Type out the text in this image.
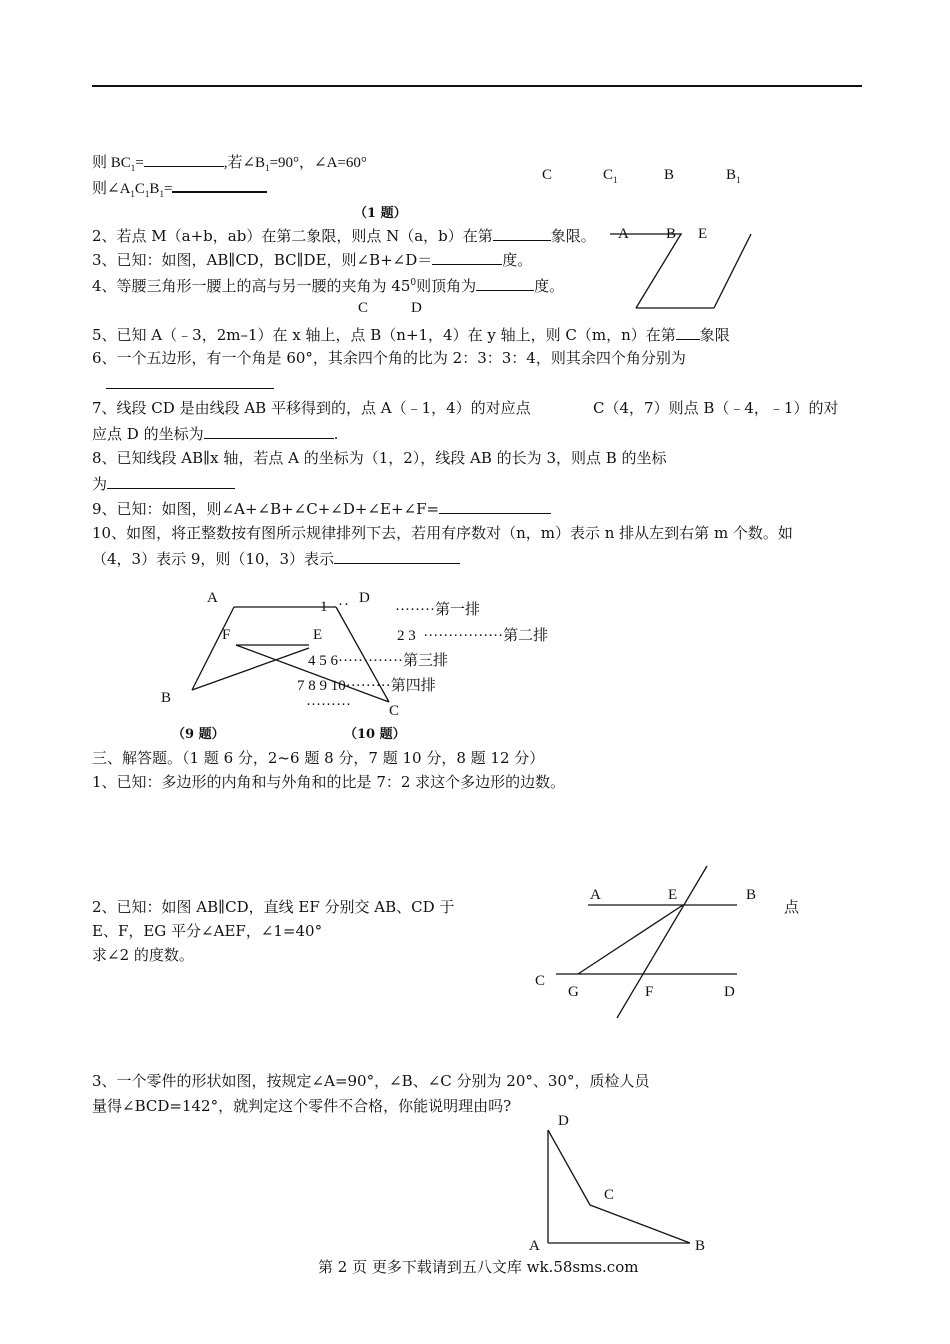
则 $BC_1=$	,若$\angle B_1=90^\circ$，∠A=60°
则$\angle A_1C_1B_1=$
C	$C_1$	B	$B_1$
（1 题）
2、若点 M（a+b，ab）在第二象限，则点 N（a，b）在第	象限。
3、已知：如图，AB∥CD，BC∥DE，则∠B+∠D＝	度。
4、等腰三角形一腰上的高与另一腰的夹角为 $45^0$则顶角为	度。
A B E
C	D
5、已知 A（﹣3，2m–1）在 x 轴上，点 B（n+1，4）在 y 轴上，则 C（m，n）在第 象限
6、一个五边形，有一个角是 60°，其余四个角的比为 2：3：3：4，则其余四个角分别为
7、线段 CD 是由线段 AB 平移得到的，点 A（﹣1，4）的对应点	C（4，7）则点 B（﹣4，﹣1）的对
应点 D 的坐标为	.
8、已知线段 AB∥x 轴，若点 A 的坐标为（1，2），线段 AB 的长为 3，则点 B 的坐标
为
9、已知：如图，则∠A+∠B+∠C+∠D+∠E+∠F=
10、如图，将正整数按有图所示规律排列下去，若用有序数对（n，m）表示 n 排从左到右第 m 个数。如
（4，3）表示 9，则（10，3）表示
A	D
F	E
B
C
（9 题）
1 ··	········第一排
2 3  ················第二排
4 5 6·············第三排
7 8 9 10·········第四排
·········
（10 题）
三、解答题。（1 题 6 分，2~6 题 8 分，7 题 10 分，8 题 12 分）
1、已知：多边形的内角和与外角和的比是 7：2 求这个多边形的边数。
2、已知：如图 AB∥CD，直线 EF 分别交 AB、CD 于	点
E、F，EG 平分∠AEF，∠1=40°
求∠2 的度数。
A	E	B
C
G	F	D
3、一个零件的形状如图，按规定∠A=90°，∠B、∠C 分别为 20°、30°，质检人员
量得∠BCD=142°，就判定这个零件不合格，你能说明理由吗?
D
C
A	B
第 2 页 更多下载请到五八文库 wk.58sms.com
